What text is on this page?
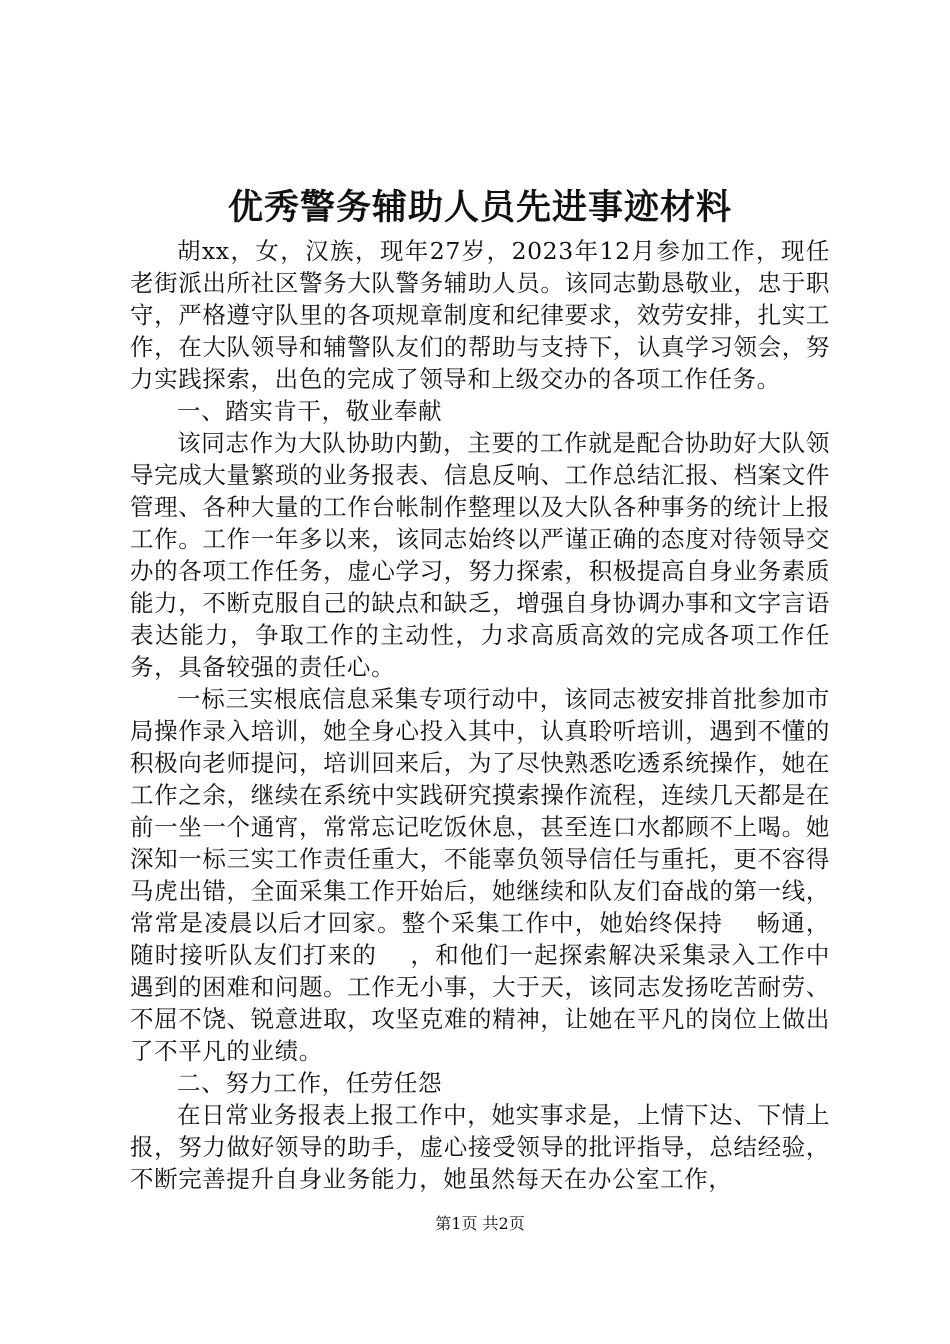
优秀警务辅助人员先进事迹材料

胡xx，女，汉族，现年27岁，2023年12月参加工作，现任老街派出所社区警务大队警务辅助人员。该同志勤恳敬业，忠于职守，严格遵守队里的各项规章制度和纪律要求，效劳安排，扎实工作，在大队领导和辅警队友们的帮助与支持下，认真学习领会，努力实践探索，出色的完成了领导和上级交办的各项工作任务。

一、踏实肯干，敬业奉献

该同志作为大队协助内勤，主要的工作就是配合协助好大队领导完成大量繁琐的业务报表、信息反响、工作总结汇报、档案文件管理、各种大量的工作台帐制作整理以及大队各种事务的统计上报工作。工作一年多以来，该同志始终以严谨正确的态度对待领导交办的各项工作任务，虚心学习，努力探索，积极提高自身业务素质能力，不断克服自己的缺点和缺乏，增强自身协调办事和文字言语表达能力，争取工作的主动性，力求高质高效的完成各项工作任务，具备较强的责任心。

一标三实根底信息采集专项行动中，该同志被安排首批参加市局操作录入培训，她全身心投入其中，认真聆听培训，遇到不懂的积极向老师提问，培训回来后，为了尽快熟悉吃透系统操作，她在工作之余，继续在系统中实践研究摸索操作流程，连续几天都是在前一坐一个通宵，常常忘记吃饭休息，甚至连口水都顾不上喝。她深知一标三实工作责任重大，不能辜负领导信任与重托，更不容得马虎出错，全面采集工作开始后，她继续和队友们奋战的第一线，常常是凌晨以后才回家。整个采集工作中，她始终保持　 畅通，随时接听队友们打来的　 ，和他们一起探索解决采集录入工作中遇到的困难和问题。工作无小事，大于天，该同志发扬吃苦耐劳、不屈不饶、锐意进取，攻坚克难的精神，让她在平凡的岗位上做出了不平凡的业绩。

二、努力工作，任劳任怨

在日常业务报表上报工作中，她实事求是，上情下达、下情上报，努力做好领导的助手，虚心接受领导的批评指导，总结经验，不断完善提升自身业务能力，她虽然每天在办公室工作，

第1页 共2页
